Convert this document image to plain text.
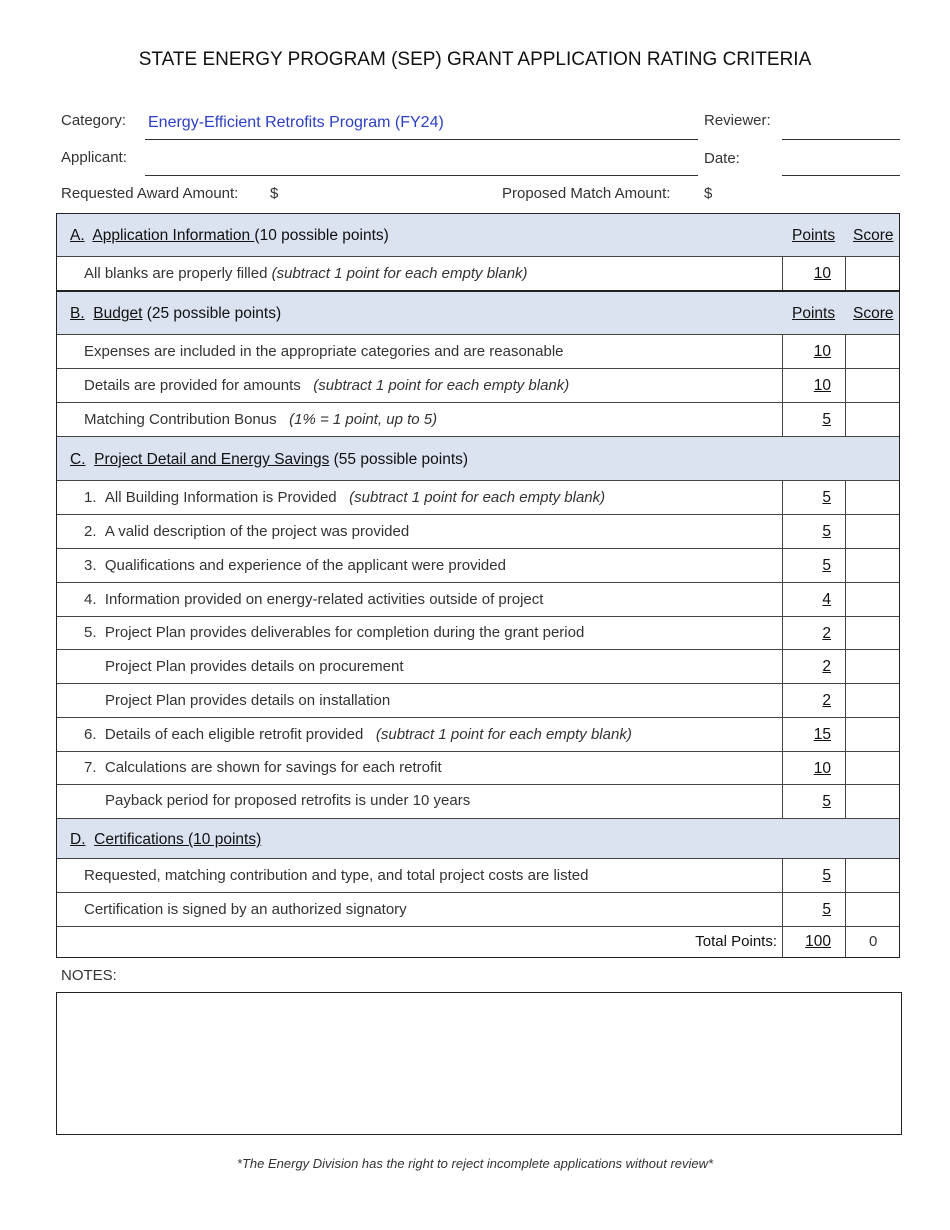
STATE ENERGY PROGRAM (SEP) GRANT APPLICATION RATING CRITERIA
Category: Energy-Efficient Retrofits Program (FY24)	Reviewer:
Applicant:	Date:
Requested Award Amount: $	Proposed Match Amount: $
A. Application Information (10 possible points)	Points Score
All blanks are properly filled (subtract 1 point for each empty blank)	10
B. Budget (25 possible points)	Points Score
Expenses are included in the appropriate categories and are reasonable	10
Details are provided for amounts (subtract 1 point for each empty blank)	10
Matching Contribution Bonus (1% = 1 point, up to 5)	5
C. Project Detail and Energy Savings (55 possible points)
1. All Building Information is Provided (subtract 1 point for each empty blank)	5
2. A valid description of the project was provided	5
3. Qualifications and experience of the applicant were provided	5
4. Information provided on energy-related activities outside of project	4
5. Project Plan provides deliverables for completion during the grant period	2
Project Plan provides details on procurement	2
Project Plan provides details on installation	2
6. Details of each eligible retrofit provided (subtract 1 point for each empty blank)	15
7. Calculations are shown for savings for each retrofit	10
Payback period for proposed retrofits is under 10 years	5
D. Certifications (10 points)
Requested, matching contribution and type, and total project costs are listed	5
Certification is signed by an authorized signatory	5
Total Points:	100	0
NOTES:
*The Energy Division has the right to reject incomplete applications without review*
